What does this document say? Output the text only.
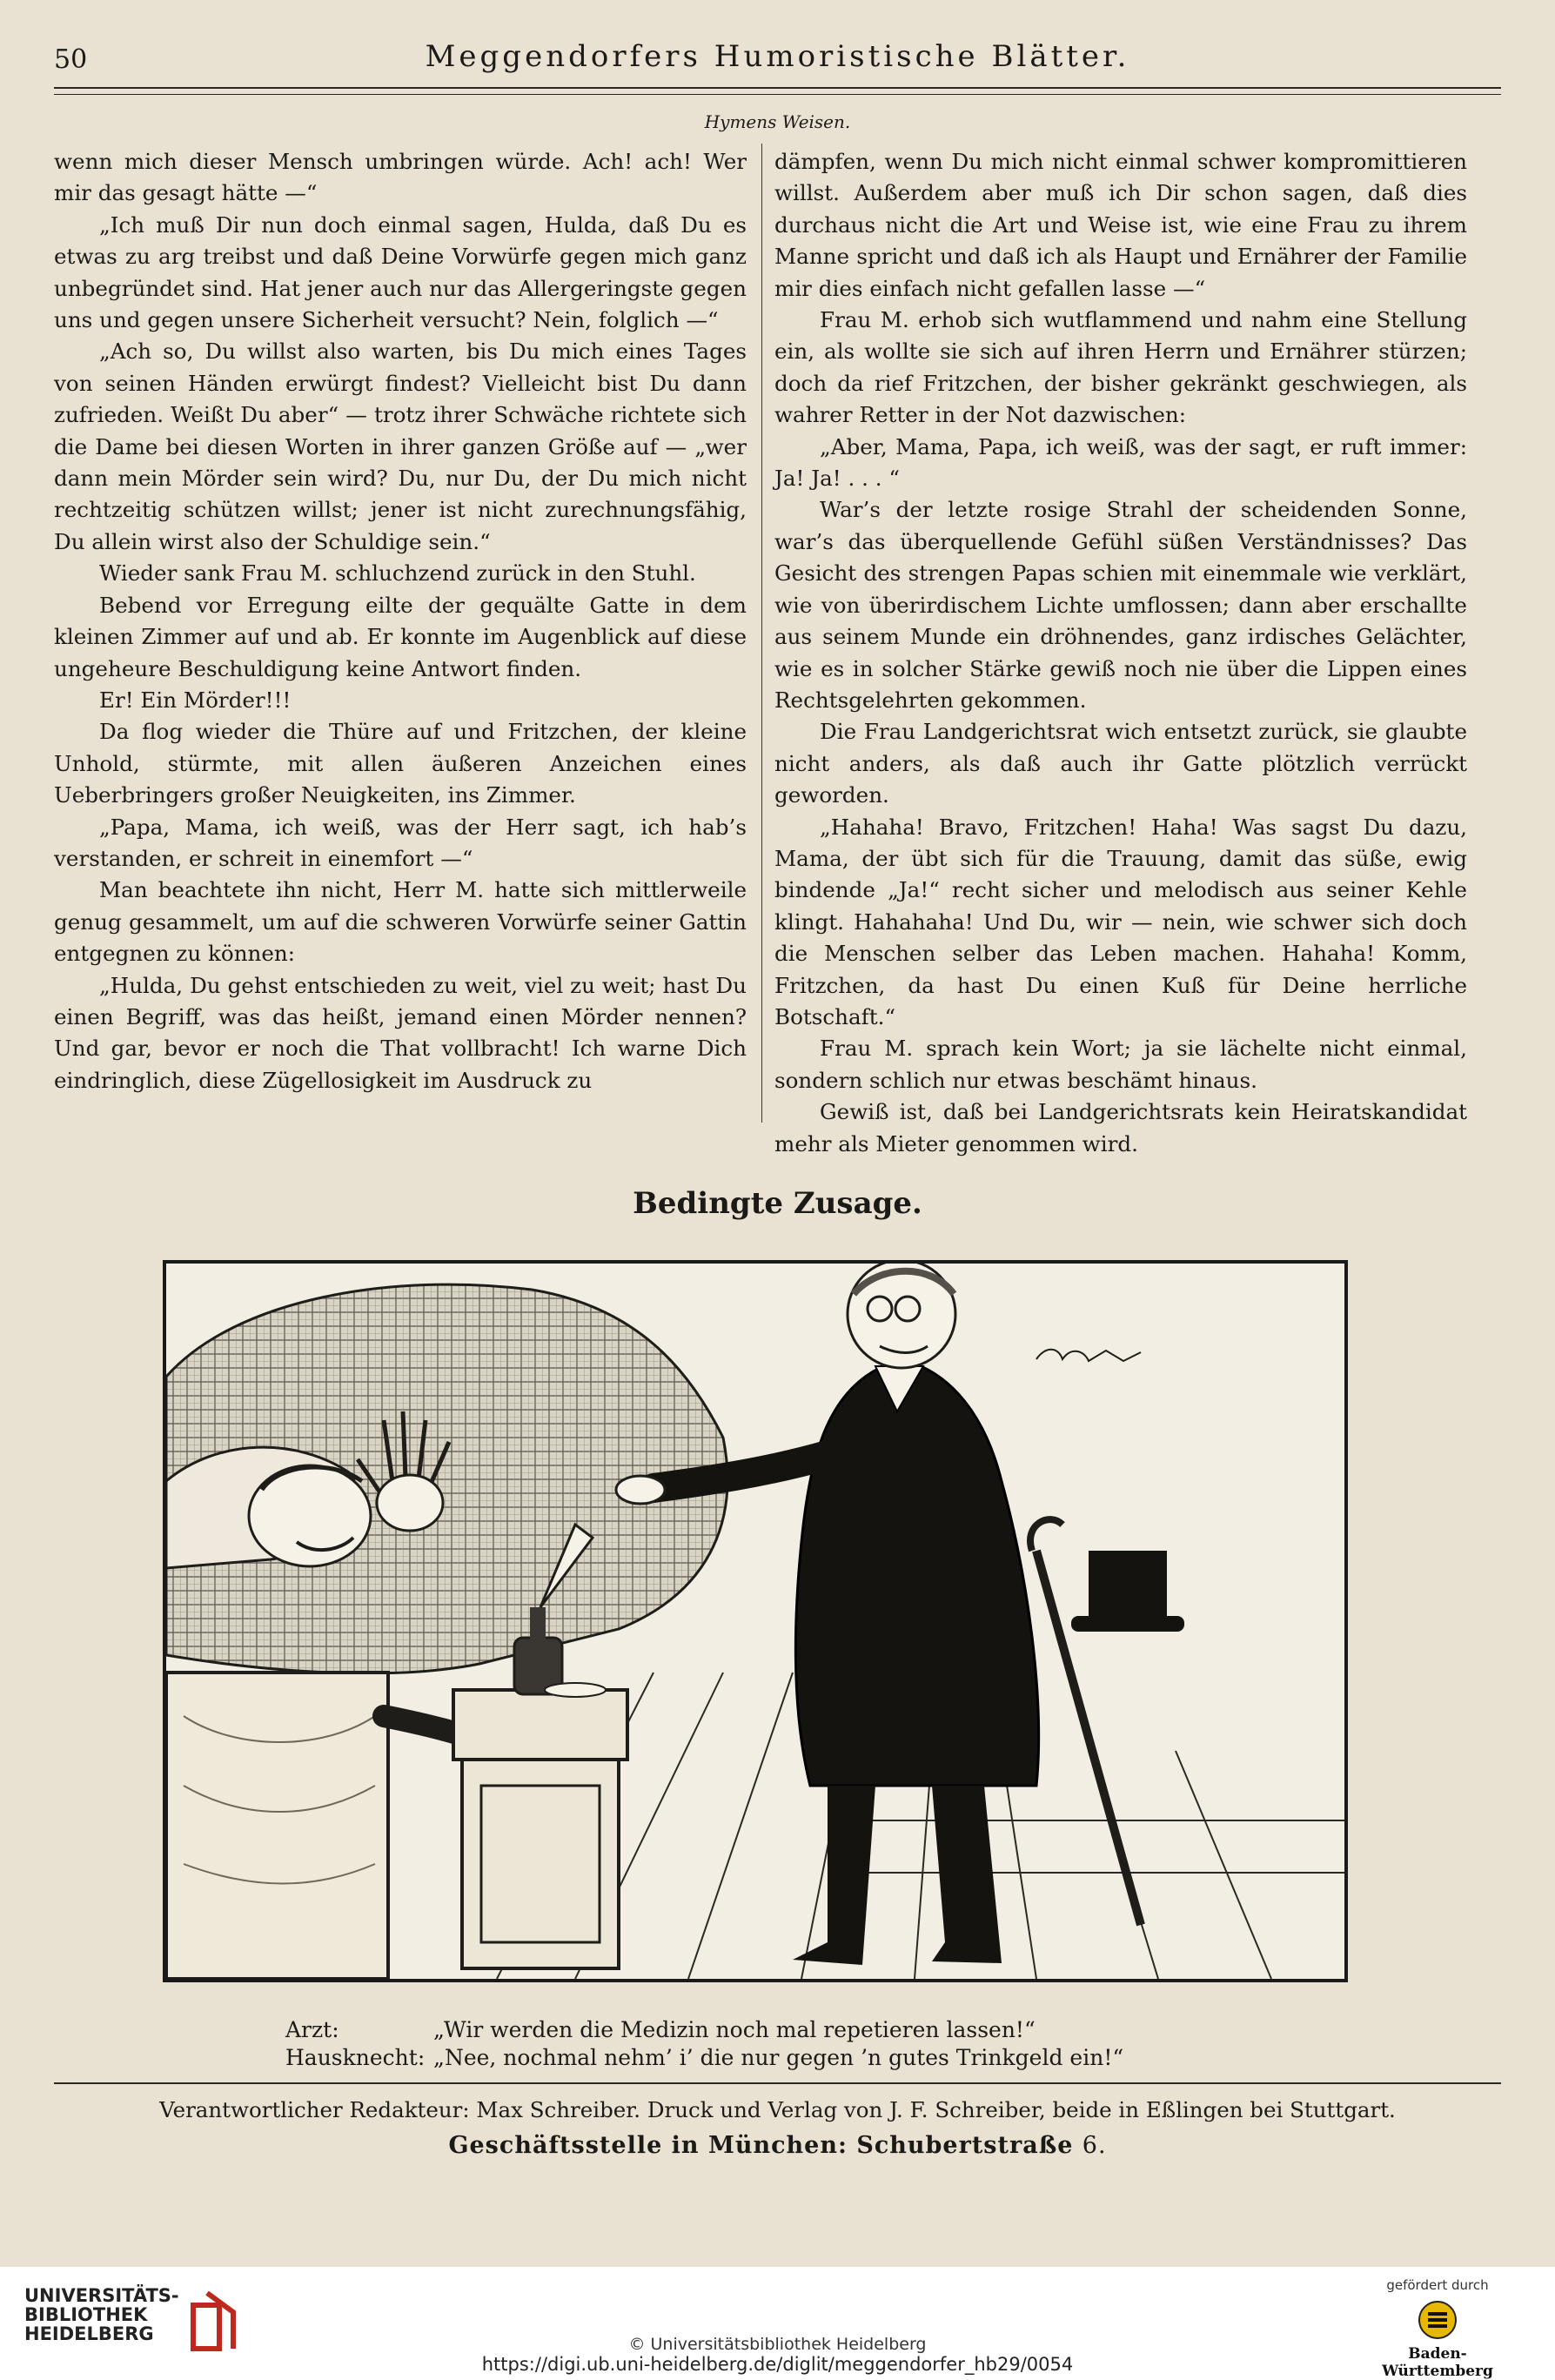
50	Meggendorfers Humoristische Blätter.
Hymens Weisen.

wenn mich dieser Mensch umbringen würde. Ach! ach! Wer mir das gesagt hätte —“

„Ich muß Dir nun doch einmal sagen, Hulda, daß Du es etwas zu arg treibst und daß Deine Vorwürfe gegen mich ganz unbegründet sind. Hat jener auch nur das Allergeringste gegen uns und gegen unsere Sicherheit versucht? Nein, folglich —“

„Ach so, Du willst also warten, bis Du mich eines Tages von seinen Händen erwürgt findest? Vielleicht bist Du dann zufrieden. Weißt Du aber“ — trotz ihrer Schwäche richtete sich die Dame bei diesen Worten in ihrer ganzen Größe auf — „wer dann mein Mörder sein wird? Du, nur Du, der Du mich nicht rechtzeitig schützen willst; jener ist nicht zurechnungsfähig, Du allein wirst also der Schuldige sein.“

Wieder sank Frau M. schluchzend zurück in den Stuhl.

Bebend vor Erregung eilte der gequälte Gatte in dem kleinen Zimmer auf und ab. Er konnte im Augenblick auf diese ungeheure Beschuldigung keine Antwort finden.

Er! Ein Mörder!!!

Da flog wieder die Thüre auf und Fritzchen, der kleine Unhold, stürmte, mit allen äußeren Anzeichen eines Ueberbringers großer Neuigkeiten, ins Zimmer.

„Papa, Mama, ich weiß, was der Herr sagt, ich hab’s verstanden, er schreit in einemfort —“

Man beachtete ihn nicht, Herr M. hatte sich mittlerweile genug gesammelt, um auf die schweren Vorwürfe seiner Gattin entgegnen zu können:

„Hulda, Du gehst entschieden zu weit, viel zu weit; hast Du einen Begriff, was das heißt, jemand einen Mörder nennen? Und gar, bevor er noch die That vollbracht! Ich warne Dich eindringlich, diese Zügellosigkeit im Ausdruck zu

dämpfen, wenn Du mich nicht einmal schwer kompromittieren willst. Außerdem aber muß ich Dir schon sagen, daß dies durchaus nicht die Art und Weise ist, wie eine Frau zu ihrem Manne spricht und daß ich als Haupt und Ernährer der Familie mir dies einfach nicht gefallen lasse —“

Frau M. erhob sich wutflammend und nahm eine Stellung ein, als wollte sie sich auf ihren Herrn und Ernährer stürzen; doch da rief Fritzchen, der bisher gekränkt geschwiegen, als wahrer Retter in der Not dazwischen:

„Aber, Mama, Papa, ich weiß, was der sagt, er ruft immer: Ja! Ja! . . . “

War’s der letzte rosige Strahl der scheidenden Sonne, war’s das überquellende Gefühl süßen Verständnisses? Das Gesicht des strengen Papas schien mit einemmale wie verklärt, wie von überirdischem Lichte umflossen; dann aber erschallte aus seinem Munde ein dröhnendes, ganz irdisches Gelächter, wie es in solcher Stärke gewiß noch nie über die Lippen eines Rechtsgelehrten gekommen.

Die Frau Landgerichtsrat wich entsetzt zurück, sie glaubte nicht anders, als daß auch ihr Gatte plötzlich verrückt geworden.

„Hahaha! Bravo, Fritzchen! Haha! Was sagst Du dazu, Mama, der übt sich für die Trauung, damit das süße, ewig bindende „Ja!“ recht sicher und melodisch aus seiner Kehle klingt. Hahahaha! Und Du, wir — nein, wie schwer sich doch die Menschen selber das Leben machen. Hahaha! Komm, Fritzchen, da hast Du einen Kuß für Deine herrliche Botschaft.“

Frau M. sprach kein Wort; ja sie lächelte nicht einmal, sondern schlich nur etwas beschämt hinaus.

Gewiß ist, daß bei Landgerichtsrats kein Heiratskandidat mehr als Mieter genommen wird.

Bedingte Zusage.
Arzt:	„Wir werden die Medizin noch mal repetieren lassen!“
Hausknecht: „Nee, nochmal nehm’ i’ die nur gegen ’n gutes Trinkgeld ein!“
Verantwortlicher Redakteur: Max Schreiber. Druck und Verlag von J. F. Schreiber, beide in Eßlingen bei Stuttgart.
Geschäftsstelle in München: Schubertstraße 6.
UNIVERSITÄTS-
BIBLIOTHEK
HEIDELBERG	© Universitätsbibliothek Heidelberg
https://digi.ub.uni-heidelberg.de/diglit/meggendorfer_hb29/0054
gefördert durch
Baden-Württemberg
